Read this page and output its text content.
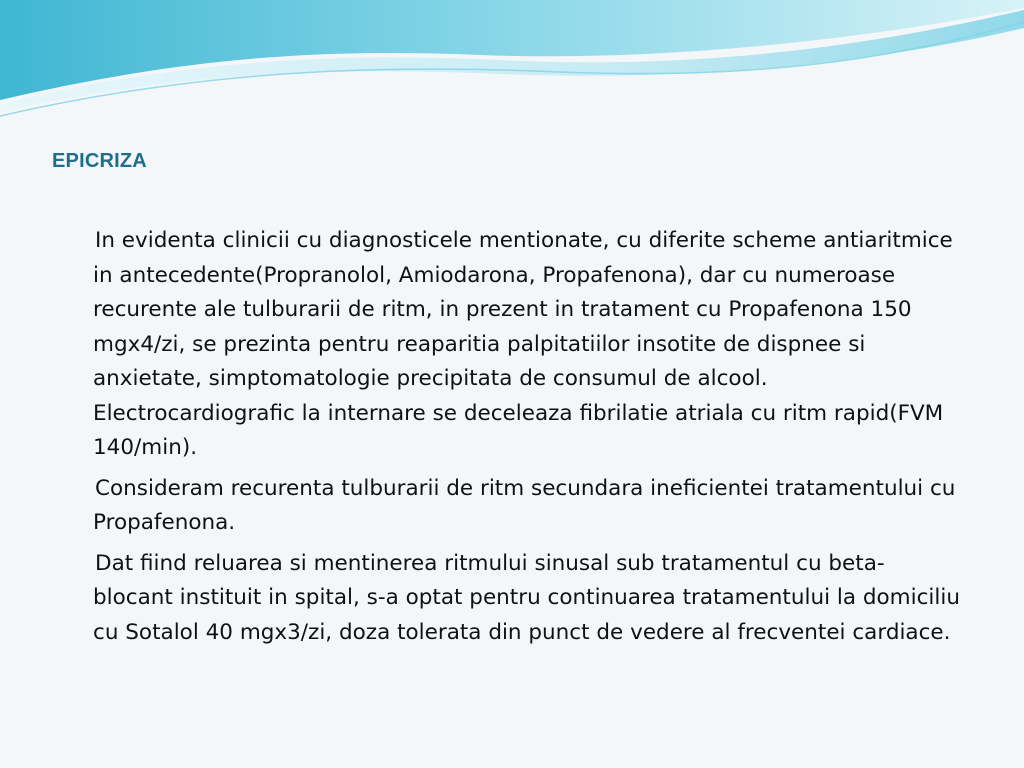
EPICRIZA

In evidenta clinicii cu diagnosticele mentionate, cu diferite scheme antiaritmice in antecedente(Propranolol, Amiodarona, Propafenona), dar cu numeroase recurente ale tulburarii de ritm, in prezent in tratament cu Propafenona 150 mgx4/zi, se prezinta pentru reaparitia palpitatiilor insotite de dispnee si anxietate, simptomatologie precipitata de consumul de alcool. Electrocardiografic la internare se deceleaza fibrilatie atriala cu ritm rapid(FVM 140/min).

Consideram recurenta tulburarii de ritm secundara ineficientei tratamentului cu Propafenona.

Dat fiind reluarea si mentinerea ritmului sinusal sub tratamentul cu beta-blocant instituit in spital, s-a optat pentru continuarea tratamentului la domiciliu cu Sotalol 40 mgx3/zi, doza tolerata din punct de vedere al frecventei cardiace.
